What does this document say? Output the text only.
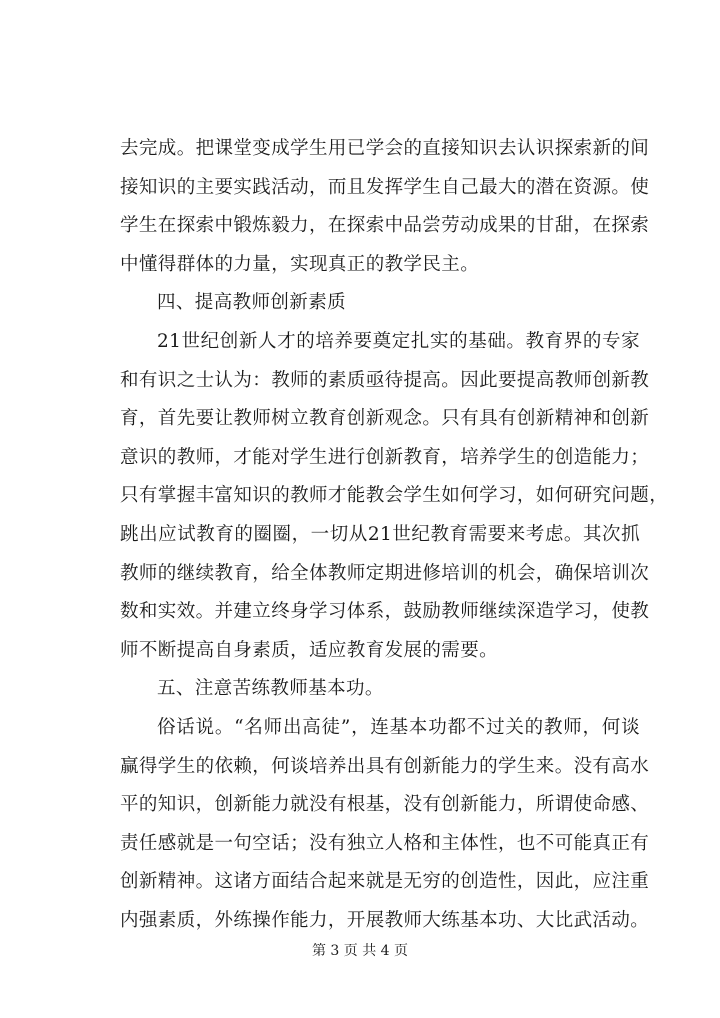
去完成。把课堂变成学生用已学会的直接知识去认识探索新的间
接知识的主要实践活动，而且发挥学生自己最大的潜在资源。使
学生在探索中锻炼毅力，在探索中品尝劳动成果的甘甜，在探索
中懂得群体的力量，实现真正的教学民主。
四、提高教师创新素质
21世纪创新人才的培养要奠定扎实的基础。教育界的专家
和有识之士认为：教师的素质亟待提高。因此要提高教师创新教
育，首先要让教师树立教育创新观念。只有具有创新精神和创新
意识的教师，才能对学生进行创新教育，培养学生的创造能力；
只有掌握丰富知识的教师才能教会学生如何学习，如何研究问题，
跳出应试教育的圈圈，一切从21世纪教育需要来考虑。其次抓
教师的继续教育，给全体教师定期进修培训的机会，确保培训次
数和实效。并建立终身学习体系，鼓励教师继续深造学习，使教
师不断提高自身素质，适应教育发展的需要。
五、注意苦练教师基本功。
俗话说。“名师出高徒”，连基本功都不过关的教师，何谈
赢得学生的依赖，何谈培养出具有创新能力的学生来。没有高水
平的知识，创新能力就没有根基，没有创新能力，所谓使命感、
责任感就是一句空话；没有独立人格和主体性，也不可能真正有
创新精神。这诸方面结合起来就是无穷的创造性，因此，应注重
内强素质，外练操作能力，开展教师大练基本功、大比武活动。
第 3 页 共 4 页
